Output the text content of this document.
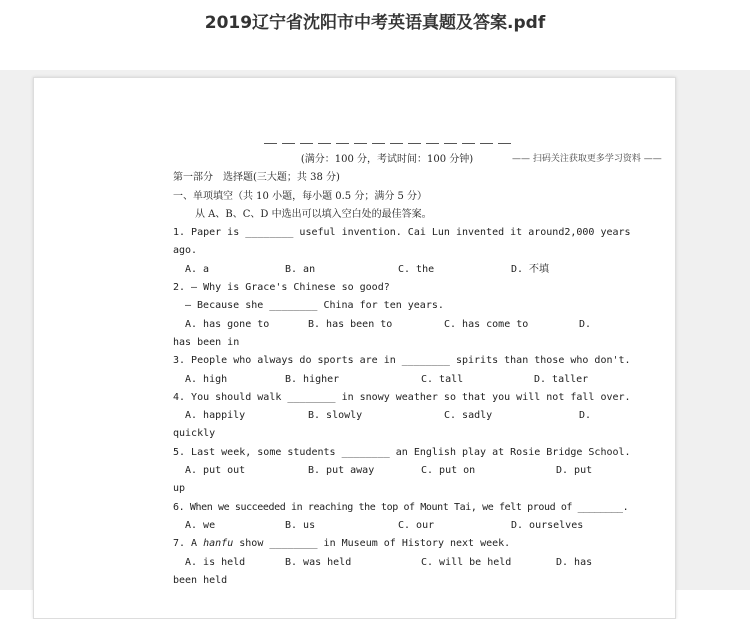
2019辽宁省沈阳市中考英语真题及答案.pdf
—— 扫码关注获取更多学习资料 ——
(满分：100 分，考试时间：100 分钟)
第一部分　选择题(三大题；共 38 分)
一、单项填空（共 10 小题，每小题 0.5 分；满分 5 分）
从 A、B、C、D 中选出可以填入空白处的最佳答案。
1. Paper is ________ useful invention. Cai Lun invented it around 2,000 years
ago.
A. a	B. an	C. the	D. 不填
2. — Why is Grace's Chinese so good?
— Because she ________ China for ten years.
A. has gone to	B. has been to	C. has come to	D.
has been in
3. People who always do sports are in ________ spirits than those who don't.
A. high	B. higher	C. tall	D. taller
4. You should walk ________ in snowy weather so that you will not fall over.
A. happily	B. slowly	C. sadly	D.
quickly
5. Last week, some students ________ an English play at Rosie Bridge School.
A. put out	B. put away	C. put on	D. put
up
6. When we succeeded in reaching the top of Mount Tai, we felt proud of ________.
A. we	B. us	C. our	D. ourselves
7. A hanfu show ________ in Museum of History next week.
A. is held	B. was held	C. will be held	D. has
been held
